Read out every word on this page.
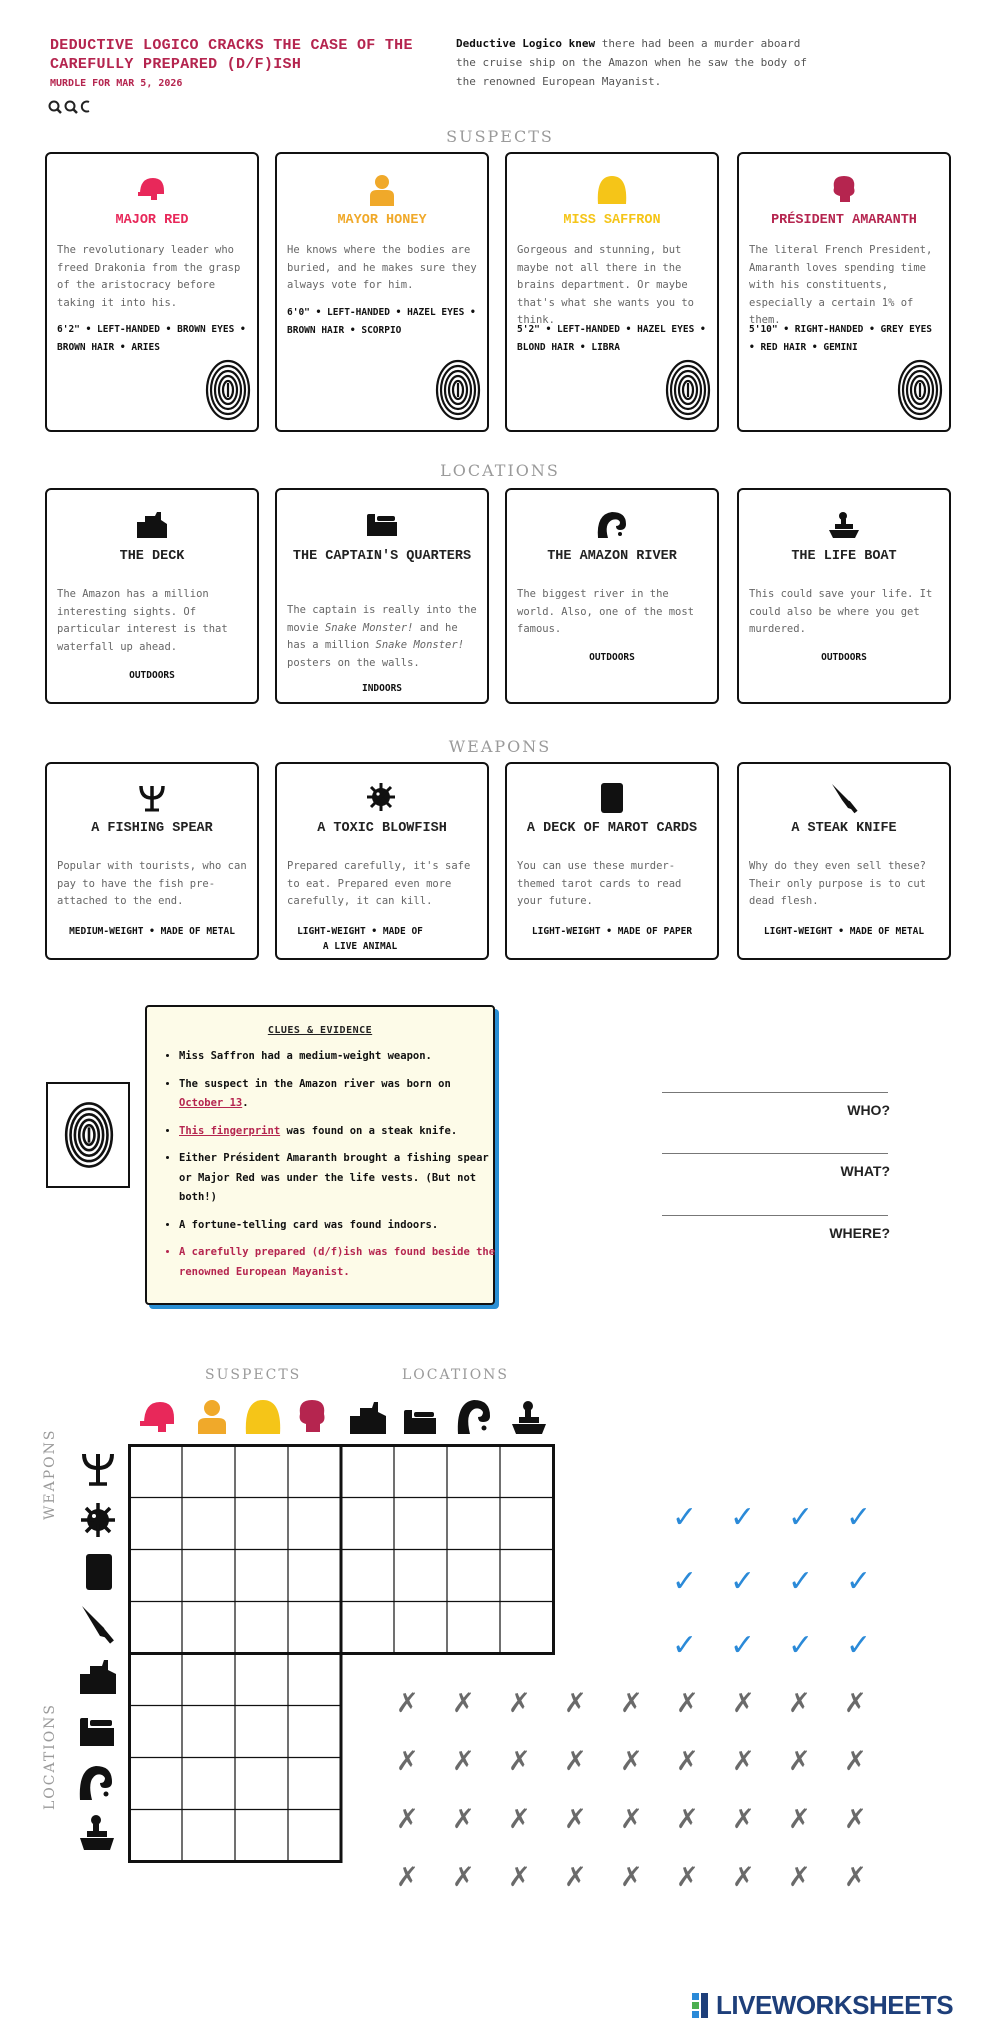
DEDUCTIVE LOGICO CRACKS THE CASE OF THE CAREFULLY PREPARED (D/F)ISH
MURDLE FOR MAR 5, 2026
Deductive Logico knew there had been a murder aboard the cruise ship on the Amazon when he saw the body of the renowned European Mayanist.
SUSPECTS
MAJOR RED
The revolutionary leader who freed Drakonia from the grasp of the aristocracy before taking it into his.
6'2" • LEFT-HANDED • BROWN EYES • BROWN HAIR • ARIES
MAYOR HONEY
He knows where the bodies are buried, and he makes sure they always vote for him.
6'0" • LEFT-HANDED • HAZEL EYES • BROWN HAIR • SCORPIO
MISS SAFFRON
Gorgeous and stunning, but maybe not all there in the brains department. Or maybe that's what she wants you to think.
5'2" • LEFT-HANDED • HAZEL EYES • BLOND HAIR • LIBRA
PRÉSIDENT AMARANTH
The literal French President, Amaranth loves spending time with his constituents, especially a certain 1% of them.
5'10" • RIGHT-HANDED • GREY EYES • RED HAIR • GEMINI
LOCATIONS
THE DECK
The Amazon has a million interesting sights. Of particular interest is that waterfall up ahead.
OUTDOORS
THE CAPTAIN'S QUARTERS
The captain is really into the movie Snake Monster! and he has a million Snake Monster! posters on the walls.
INDOORS
THE AMAZON RIVER
The biggest river in the world. Also, one of the most famous.
OUTDOORS
THE LIFE BOAT
This could save your life. It could also be where you get murdered.
OUTDOORS
WEAPONS
A FISHING SPEAR
Popular with tourists, who can pay to have the fish pre-attached to the end.
MEDIUM-WEIGHT • MADE OF METAL
A TOXIC BLOWFISH
Prepared carefully, it's safe to eat. Prepared even more carefully, it can kill.
LIGHT-WEIGHT • MADE OF A LIVE ANIMAL
A DECK OF MAROT CARDS
You can use these murder-themed tarot cards to read your future.
LIGHT-WEIGHT • MADE OF PAPER
A STEAK KNIFE
Why do they even sell these? Their only purpose is to cut dead flesh.
LIGHT-WEIGHT • MADE OF METAL
CLUES & EVIDENCE
• Miss Saffron had a medium-weight weapon.
• The suspect in the Amazon river was born on October 13.
• This fingerprint was found on a steak knife.
• Either Président Amaranth brought a fishing spear or Major Red was under the life vests. (But not both!)
• A fortune-telling card was found indoors.
• A carefully prepared (d/f)ish was found beside the renowned European Mayanist.
WHO?
WHAT?
WHERE?
SUSPECTS	LOCATIONS
WEAPONS
LOCATIONS
✓ ✓ ✓ ✓
✓ ✓ ✓ ✓
✓ ✓ ✓ ✓
✗ ✗ ✗ ✗ ✗ ✗ ✗ ✗ ✗
✗ ✗ ✗ ✗ ✗ ✗ ✗ ✗ ✗
✗ ✗ ✗ ✗ ✗ ✗ ✗ ✗ ✗
✗ ✗ ✗ ✗ ✗ ✗ ✗ ✗ ✗
LIVEWORKSHEETS
